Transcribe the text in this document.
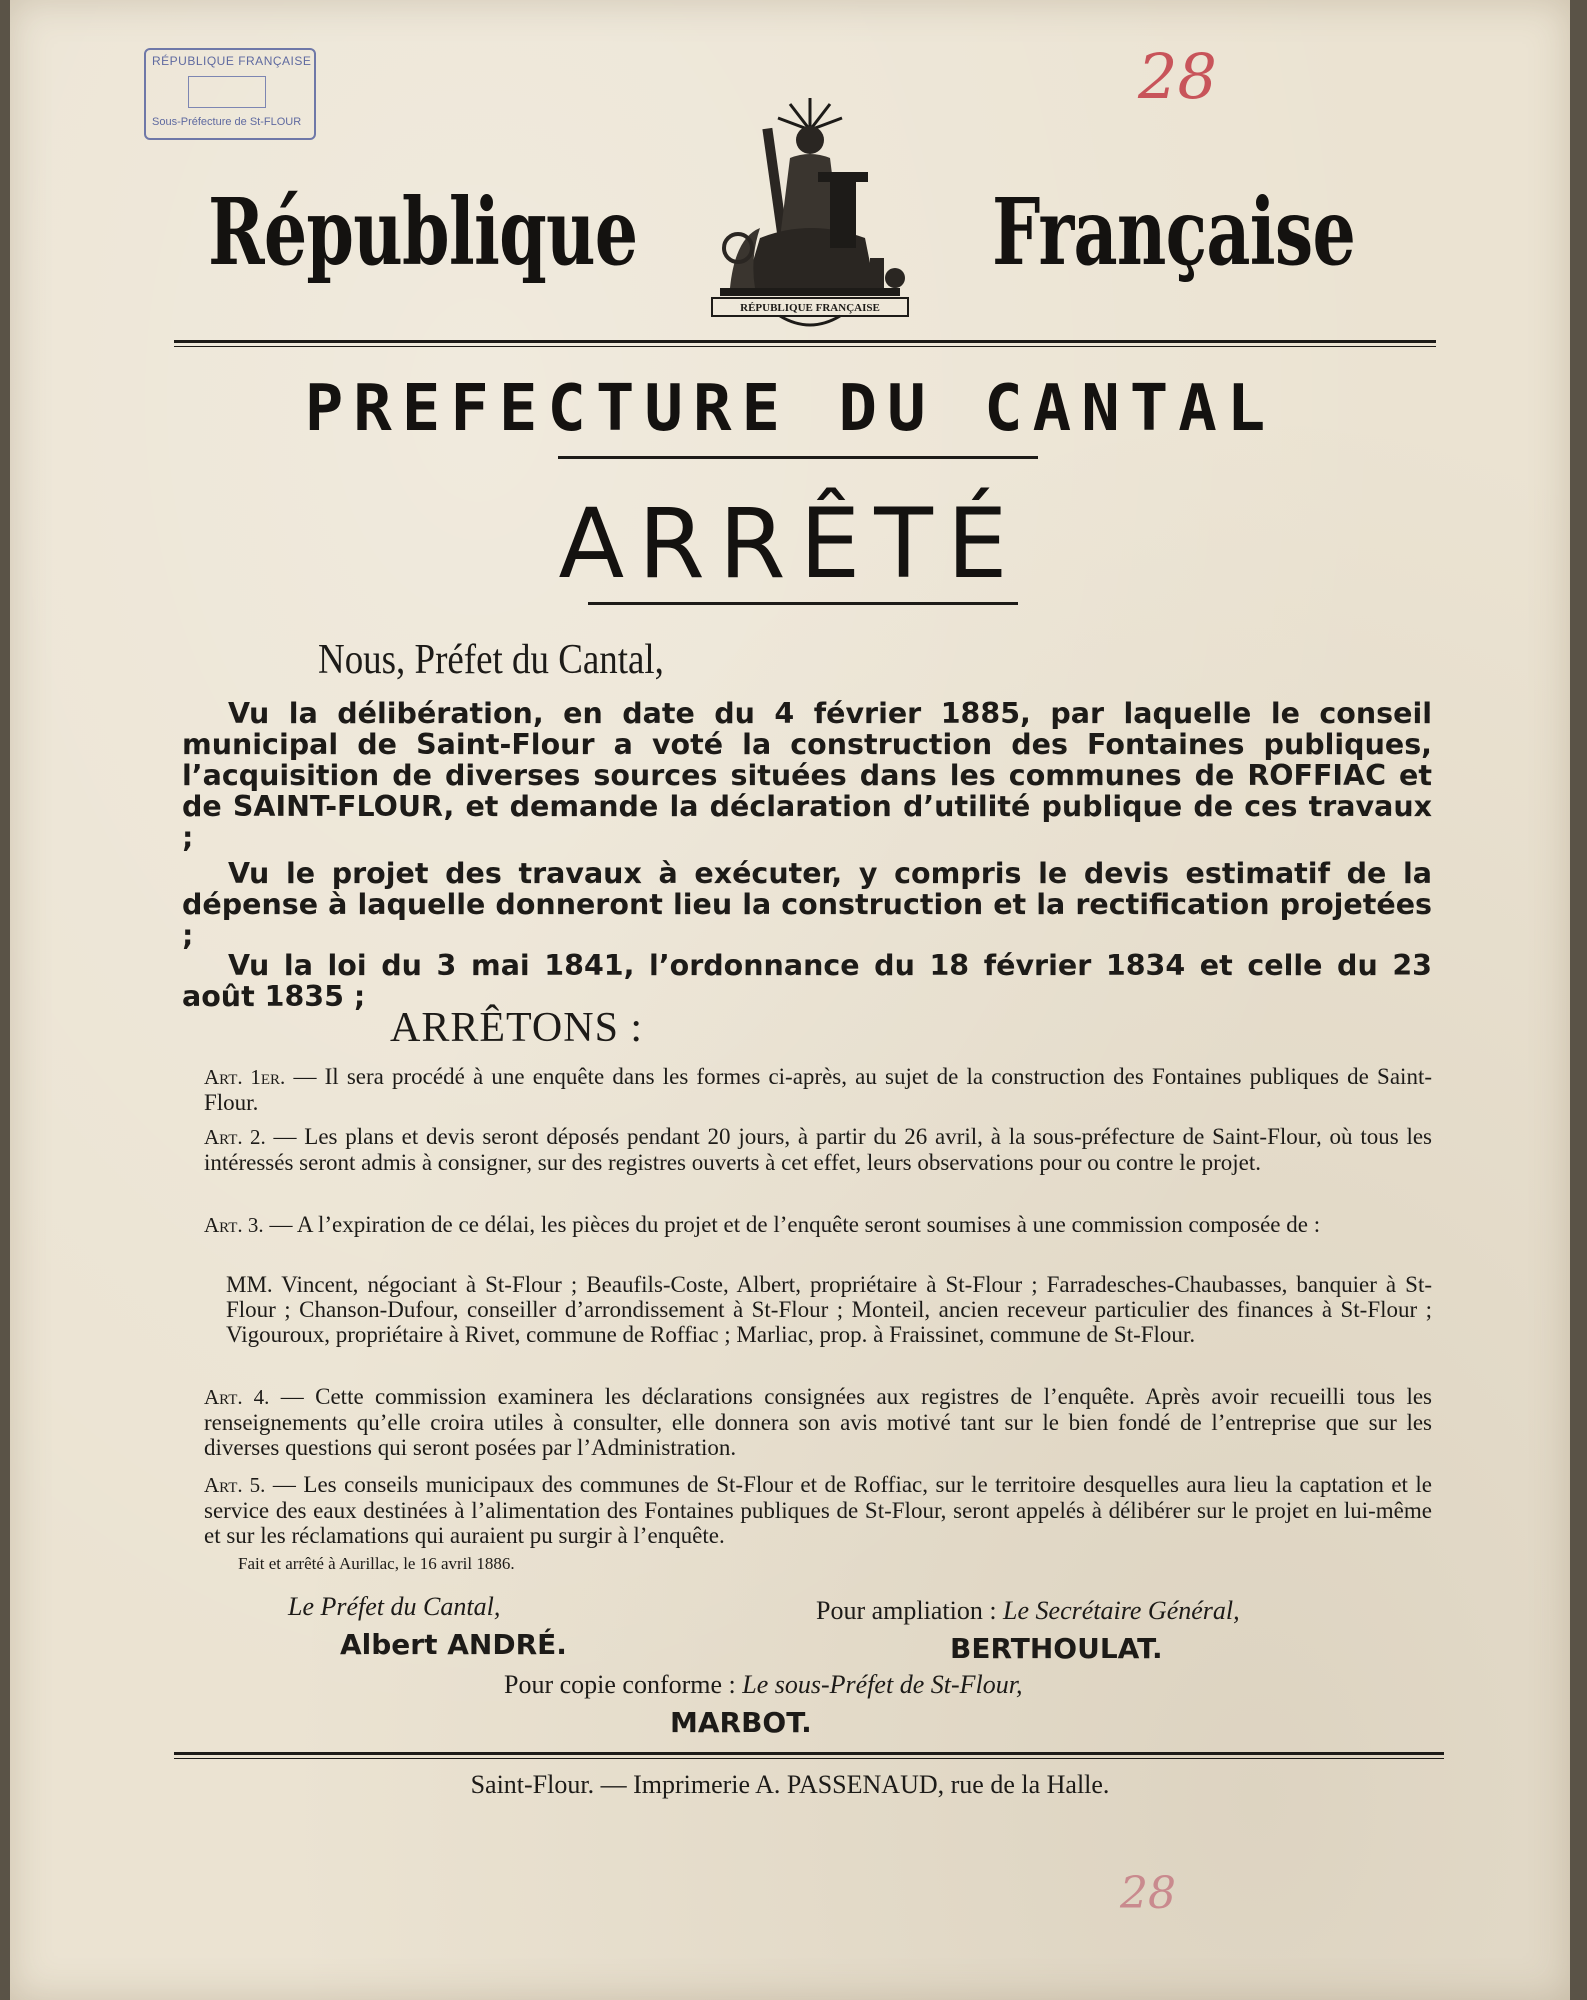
RÉPUBLIQUE FRANÇAISE
Sous-Préfecture de St-FLOUR
28
République	Française
RÉPUBLIQUE FRANÇAISE
PREFECTURE DU CANTAL
ARRÊTÉ
Nous, Préfet du Cantal,
Vu la délibération, en date du 4 février 1885, par laquelle le conseil municipal de Saint-Flour a voté la construction des Fontaines publiques, l’acquisition de diverses sources situées dans les communes de ROFFIAC et de SAINT-FLOUR, et demande la déclaration d’utilité publique de ces travaux ;
Vu le projet des travaux à exécuter, y compris le devis estimatif de la dépense à laquelle donneront lieu la construction et la rectification projetées ;
Vu la loi du 3 mai 1841, l’ordonnance du 18 février 1834 et celle du 23 août 1835 ;
ARRÊTONS :
Art. 1er. — Il sera procédé à une enquête dans les formes ci-après, au sujet de la construction des Fontaines publiques de Saint-Flour.
Art. 2. — Les plans et devis seront déposés pendant 20 jours, à partir du 26 avril, à la sous-préfecture de Saint-Flour, où tous les intéressés seront admis à consigner, sur des registres ouverts à cet effet, leurs observations pour ou contre le projet.
Art. 3. — A l’expiration de ce délai, les pièces du projet et de l’enquête seront soumises à une commission composée de :
MM. Vincent, négociant à St-Flour ; Beaufils-Coste, Albert, propriétaire à St-Flour ; Farradesches-Chaubasses, banquier à St-Flour ; Chanson-Dufour, conseiller d’arrondissement à St-Flour ; Monteil, ancien receveur particulier des finances à St-Flour ; Vigouroux, propriétaire à Rivet, commune de Roffiac ; Marliac, prop. à Fraissinet, commune de St-Flour.
Art. 4. — Cette commission examinera les déclarations consignées aux registres de l’enquête. Après avoir recueilli tous les renseignements qu’elle croira utiles à consulter, elle donnera son avis motivé tant sur le bien fondé de l’entreprise que sur les diverses questions qui seront posées par l’Administration.
Art. 5. — Les conseils municipaux des communes de St-Flour et de Roffiac, sur le territoire desquelles aura lieu la captation et le service des eaux destinées à l’alimentation des Fontaines publiques de St-Flour, seront appelés à délibérer sur le projet en lui-même et sur les réclamations qui auraient pu surgir à l’enquête.
Fait et arrêté à Aurillac, le 16 avril 1886.
Le Préfet du Cantal,
Albert ANDRÉ.
Pour ampliation : Le Secrétaire Général,
BERTHOULAT.
Pour copie conforme : Le sous-Préfet de St-Flour,
MARBOT.
Saint-Flour. — Imprimerie A. PASSENAUD, rue de la Halle.
28
